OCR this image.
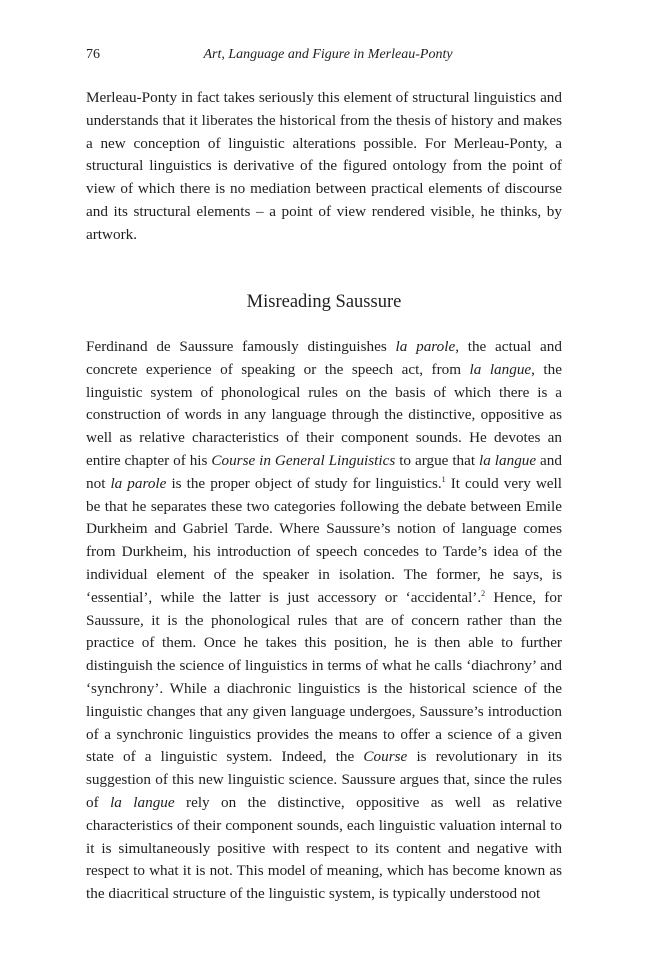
76	Art, Language and Figure in Merleau-Ponty

Merleau-Ponty in fact takes seriously this element of structural linguistics and understands that it liberates the historical from the thesis of history and makes a new conception of linguistic alterations possible. For Merleau-Ponty, a structural linguistics is derivative of the figured ontology from the point of view of which there is no mediation between practical elements of discourse and its structural elements – a point of view rendered visible, he thinks, by artwork.

Misreading Saussure

Ferdinand de Saussure famously distinguishes la parole, the actual and concrete experience of speaking or the speech act, from la langue, the linguistic system of phonological rules on the basis of which there is a construction of words in any language through the distinctive, oppositive as well as relative characteristics of their component sounds. He devotes an entire chapter of his Course in General Linguistics to argue that la langue and not la parole is the proper object of study for linguistics.$^1$ It could very well be that he separates these two categories following the debate between Emile Durkheim and Gabriel Tarde. Where Saussure’s notion of language comes from Durkheim, his introduction of speech concedes to Tarde’s idea of the individual element of the speaker in isolation. The former, he says, is ‘essential’, while the latter is just accessory or ‘accidental’.$^2$ Hence, for Saussure, it is the phonological rules that are of concern rather than the practice of them. Once he takes this position, he is then able to further distinguish the science of linguistics in terms of what he calls ‘diachrony’ and ‘synchrony’. While a diachronic linguistics is the historical science of the linguistic changes that any given language undergoes, Saussure’s introduction of a synchronic linguistics provides the means to offer a science of a given state of a linguistic system. Indeed, the Course is revolutionary in its suggestion of this new linguistic science. Saussure argues that, since the rules of la langue rely on the distinctive, oppositive as well as relative characteristics of their component sounds, each linguistic valuation internal to it is simultaneously positive with respect to its content and negative with respect to what it is not. This model of meaning, which has become known as the diacritical structure of the linguistic system, is typically understood not
